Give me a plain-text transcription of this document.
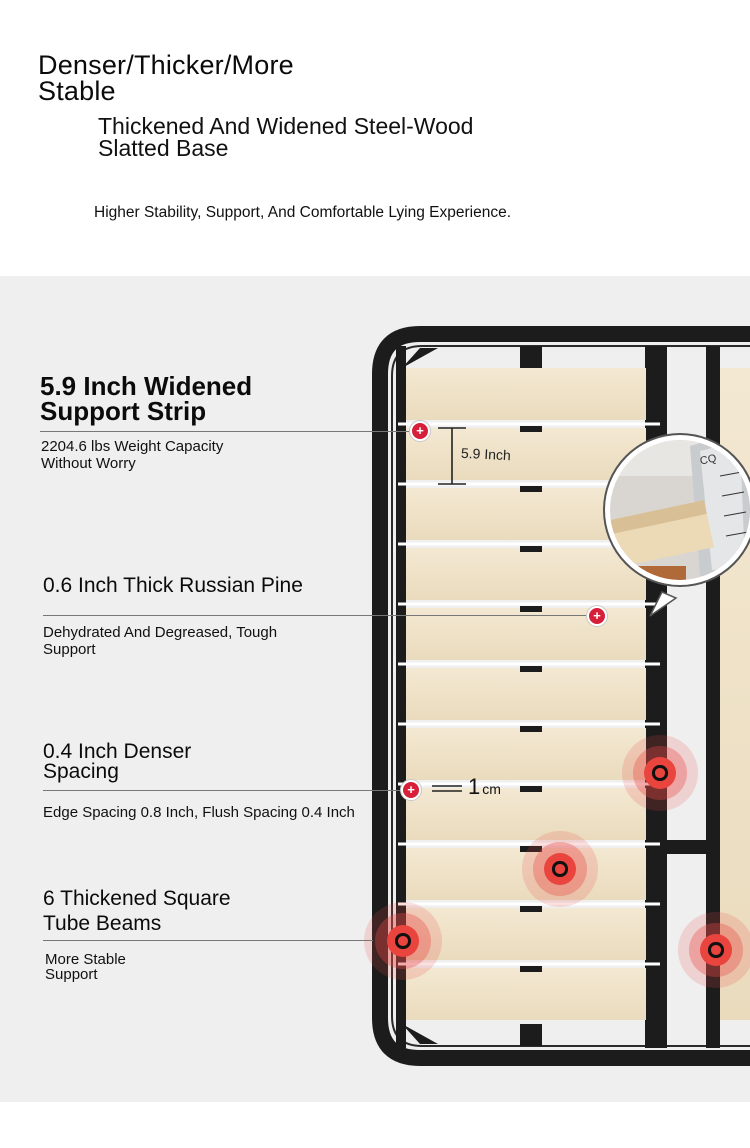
Denser/Thicker/More Stable
Thickened And Widened Steel-Wood Slatted Base
Higher Stability, Support, And Comfortable Lying Experience.
CQ
5.9 Inch
1 cm
5.9 Inch Widened Support Strip
+
2204.6 lbs Weight Capacity Without Worry
0.6 Inch Thick Russian Pine
+
Dehydrated And Degreased, Tough Support
0.4 Inch Denser Spacing
+
Edge Spacing 0.8 Inch, Flush Spacing 0.4 Inch
6 Thickened Square Tube Beams
More Stable Support
